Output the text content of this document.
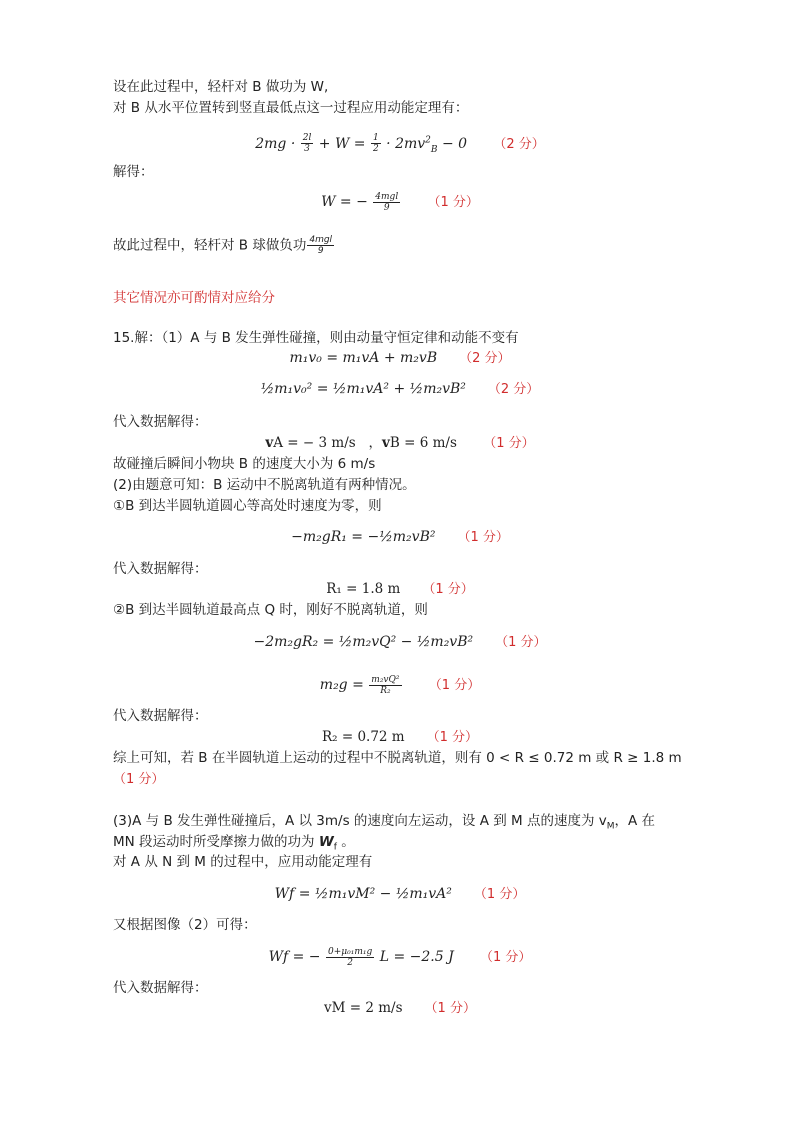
设在此过程中，轻杆对 B 做功为 W,
对 B 从水平位置转到竖直最低点这一过程应用动能定理有：
$2mg \cdot \frac{2l}{3} + W = \frac{1}{2} \cdot 2mv^2_B - 0$ （2 分）
解得：
W = − $\frac{\text{4mgl}}{9} (1$ 分）
故此过程中，轻杆对 B 球做负功 $\frac{\text{4mgl}}{9}$
其它情况亦可酌情对应给分
15.解：（1）A 与 B 发生弹性碰撞，则由动量守恒定律和动能不变有
m₁v₀ = m₁vA + m₂vB （2 分）
½m₁v₀² = ½m₁vA² + ½m₂vB² （2 分）
代入数据解得：
vA = − 3 m/s ，vB = 6 m/s （1 分）
故碰撞后瞬间小物块 B 的速度大小为 6 m/s
(2)由题意可知：B 运动中不脱离轨道有两种情况。
①B 到达半圆轨道圆心等高处时速度为零，则
−m₂gR₁ = −½m₂vB² （1 分）
代入数据解得：
R₁ = 1.8 m （1 分）
②B 到达半圆轨道最高点 Q 时，刚好不脱离轨道，则
−2m₂gR₂ = ½m₂vQ² − ½m₂vB² （1 分）
$m_2g = \frac{\text{m₂vQ²}}{\text{R₂}} (1$ 分）
代入数据解得：
R₂ = 0.72 m （1 分）
综上可知，若 B 在半圆轨道上运动的过程中不脱离轨道，则有 0 < R ≤ 0.72 m 或 R ≥ 1.8 m
（1 分）
(3)A 与 B 发生弹性碰撞后，A 以 3m/s 的速度向左运动，设 A 到 M 点的速度为 $v_M$，A 在
MN 段运动时所受摩擦力做的功为 $W_f$ 。
对 A 从 N 到 M 的过程中，应用动能定理有
Wf = ½m₁vM² − ½m₁vA² （1 分）
又根据图像（2）可得：
Wf = − $\frac{\text{0+μ₀₁m₁g}}{2}$ L = −2.5 J （1 分）
代入数据解得：
vM = 2 m/s （1 分）
